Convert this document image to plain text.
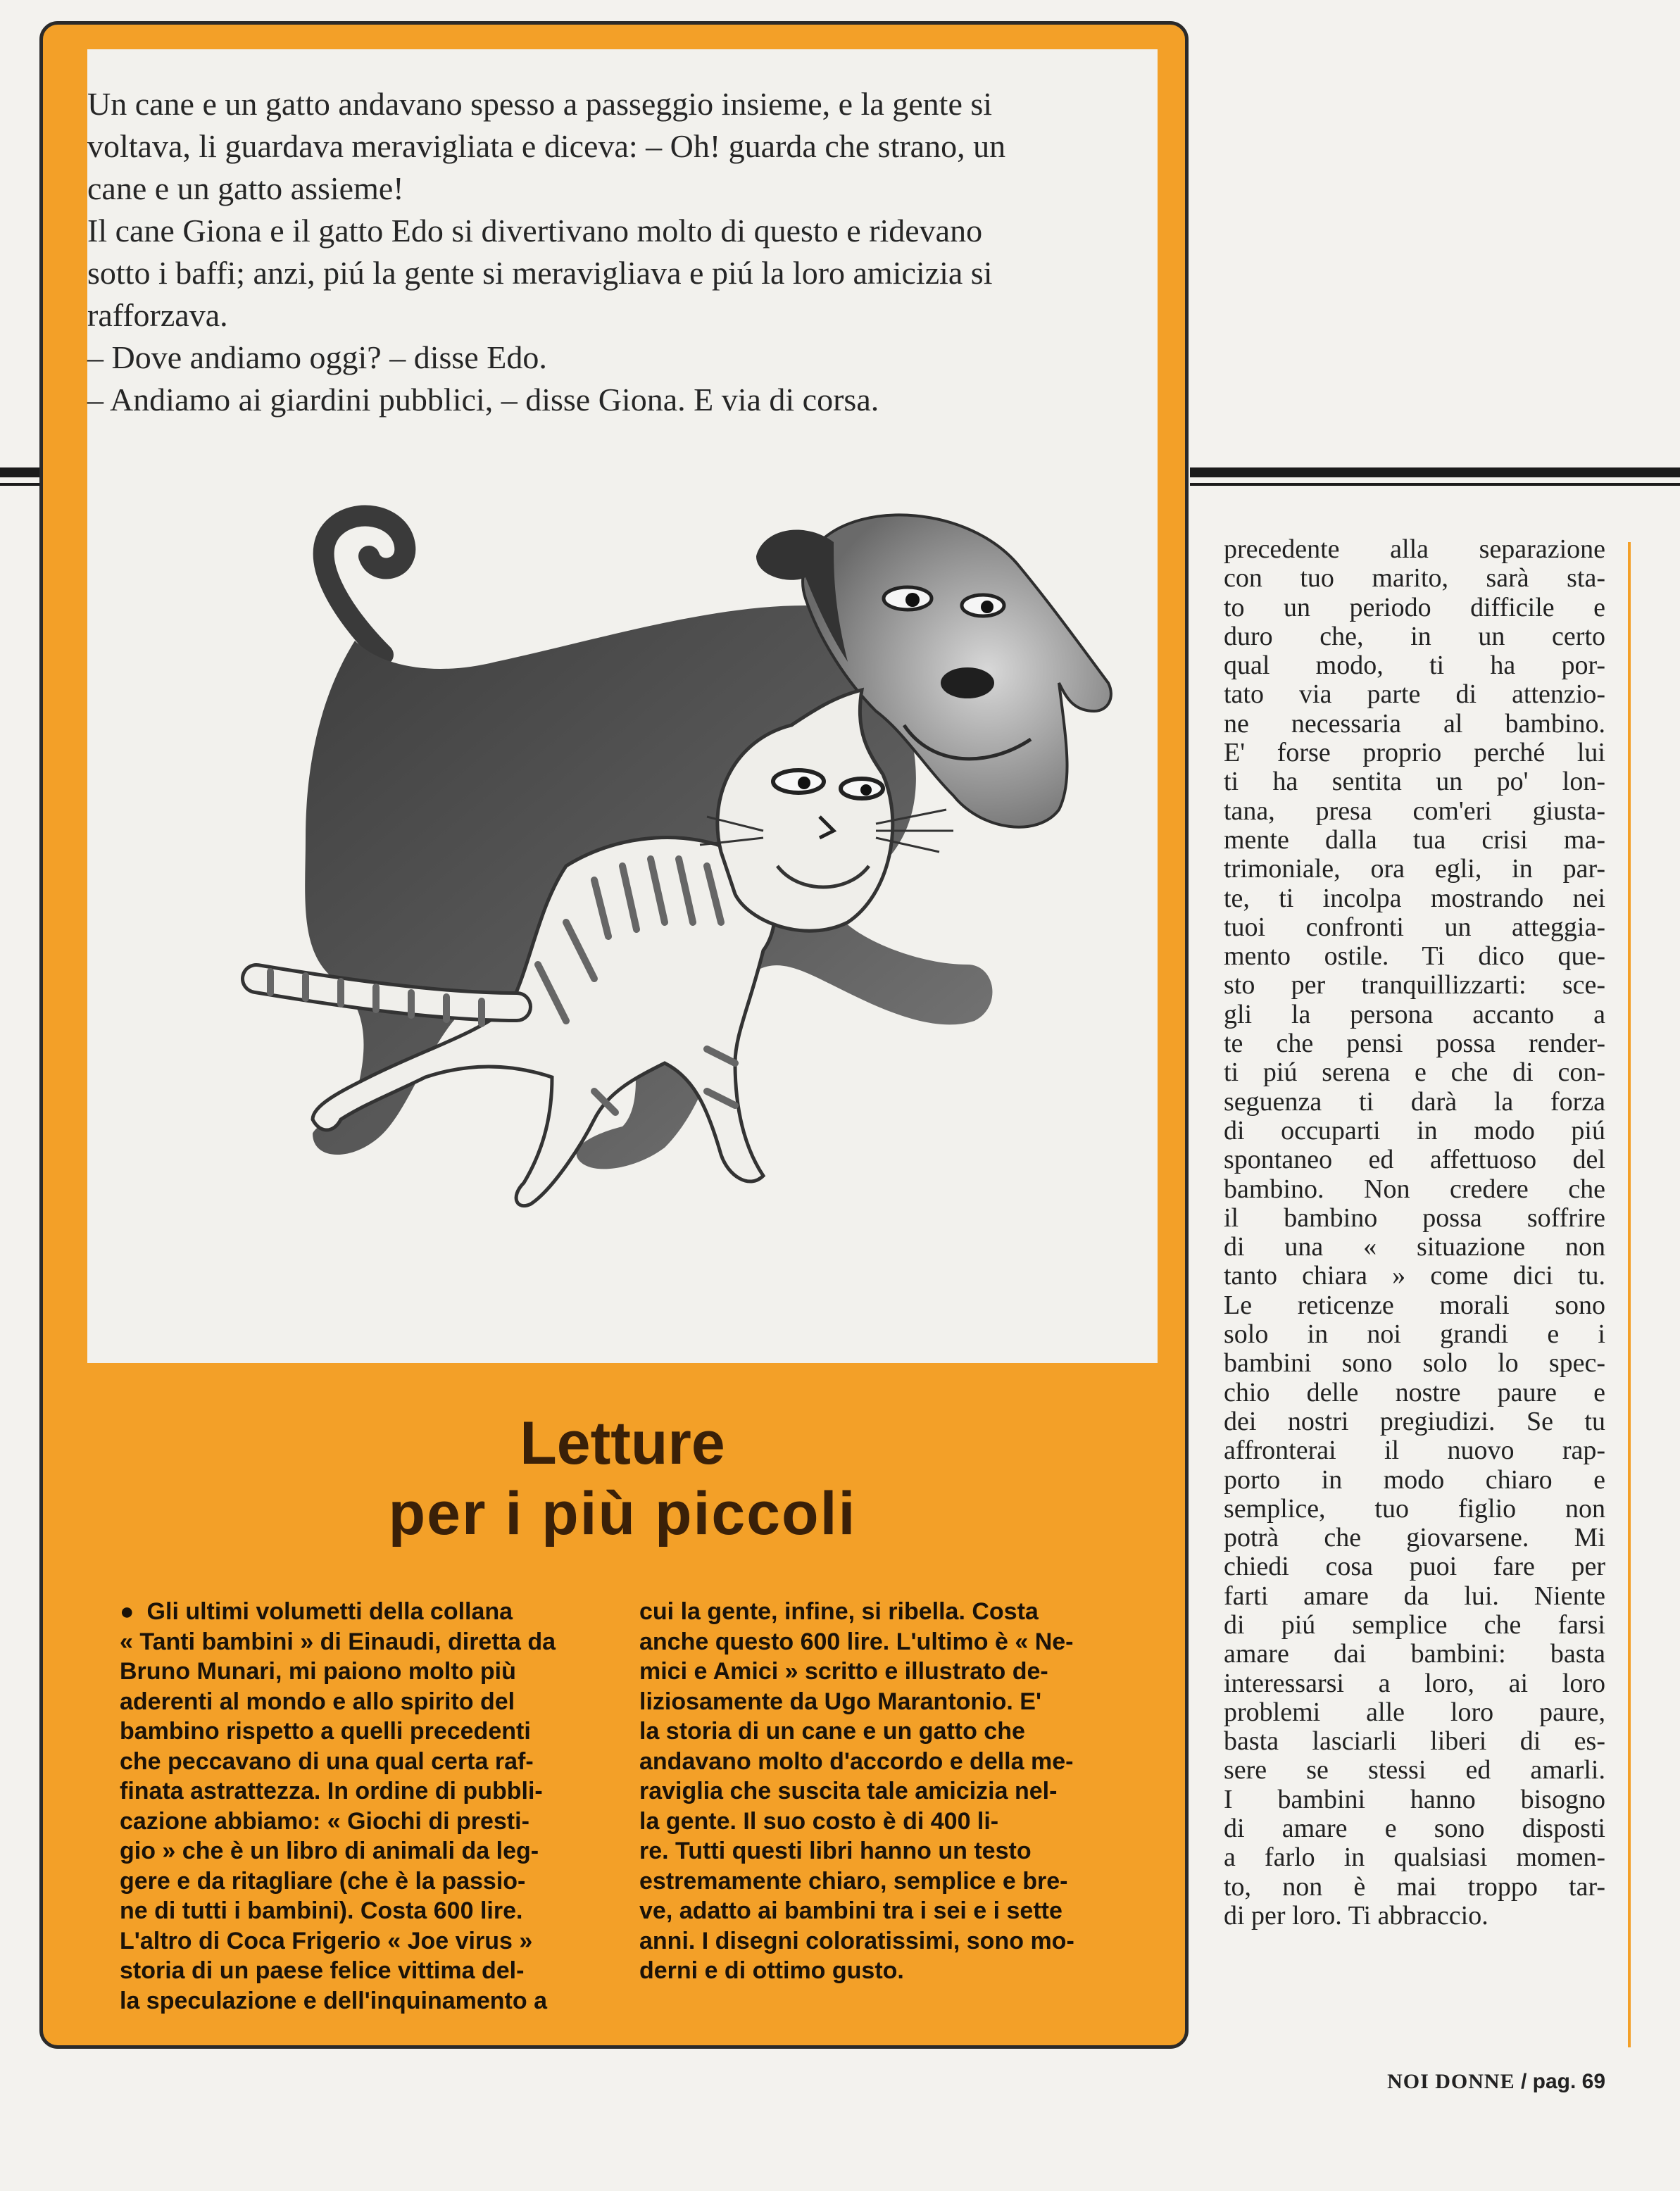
Un cane e un gatto andavano spesso a passeggio insieme, e la gente si

voltava, li guardava meravigliata e diceva: – Oh! guarda che strano, un

cane e un gatto assieme!

Il cane Giona e il gatto Edo si divertivano molto di questo e ridevano

sotto i baffi; anzi, piú la gente si meravigliava e piú la loro amicizia si

rafforzava.

– Dove andiamo oggi? – disse Edo.

– Andiamo ai giardini pubblici, – disse Giona. E via di corsa.

Letture
per i più piccoli
● Gli ultimi volumetti della collana
« Tanti bambini » di Einaudi, diretta da
Bruno Munari, mi paiono molto più
aderenti al mondo e allo spirito del
bambino rispetto a quelli precedenti
che peccavano di una qual certa raf-
finata astrattezza. In ordine di pubbli-
cazione abbiamo: « Giochi di presti-
gio » che è un libro di animali da leg-
gere e da ritagliare (che è la passio-
ne di tutti i bambini). Costa 600 lire.
L'altro di Coca Frigerio « Joe virus »
storia di un paese felice vittima del-
la speculazione e dell'inquinamento a
cui la gente, infine, si ribella. Costa
anche questo 600 lire. L'ultimo è « Ne-
mici e Amici » scritto e illustrato de-
liziosamente da Ugo Marantonio. E'
la storia di un cane e un gatto che
andavano molto d'accordo e della me-
raviglia che suscita tale amicizia nel-
la gente. Il suo costo è di 400 li-
re. Tutti questi libri hanno un testo
estremamente chiaro, semplice e bre-
ve, adatto ai bambini tra i sei e i sette
anni. I disegni coloratissimi, sono mo-
derni e di ottimo gusto.
precedente alla separazione
con tuo marito, sarà sta-
to un periodo difficile e
duro che, in un certo
qual modo, ti ha por-
tato via parte di attenzio-
ne necessaria al bambino.
E' forse proprio perché lui
ti ha sentita un po' lon-
tana, presa com'eri giusta-
mente dalla tua crisi ma-
trimoniale, ora egli, in par-
te, ti incolpa mostrando nei
tuoi confronti un atteggia-
mento ostile. Ti dico que-
sto per tranquillizzarti: sce-
gli la persona accanto a
te che pensi possa render-
ti piú serena e che di con-
seguenza ti darà la forza
di occuparti in modo piú
spontaneo ed affettuoso del
bambino. Non credere che
il bambino possa soffrire
di una « situazione non
tanto chiara » come dici tu.
Le reticenze morali sono
solo in noi grandi e i
bambini sono solo lo spec-
chio delle nostre paure e
dei nostri pregiudizi. Se tu
affronterai il nuovo rap-
porto in modo chiaro e
semplice, tuo figlio non
potrà che giovarsene. Mi
chiedi cosa puoi fare per
farti amare da lui. Niente
di piú semplice che farsi
amare dai bambini: basta
interessarsi a loro, ai loro
problemi alle loro paure,
basta lasciarli liberi di es-
sere se stessi ed amarli.
I bambini hanno bisogno
di amare e sono disposti
a farlo in qualsiasi momen-
to, non è mai troppo tar-
di per loro. Ti abbraccio.
NOI DONNE / pag. 69
